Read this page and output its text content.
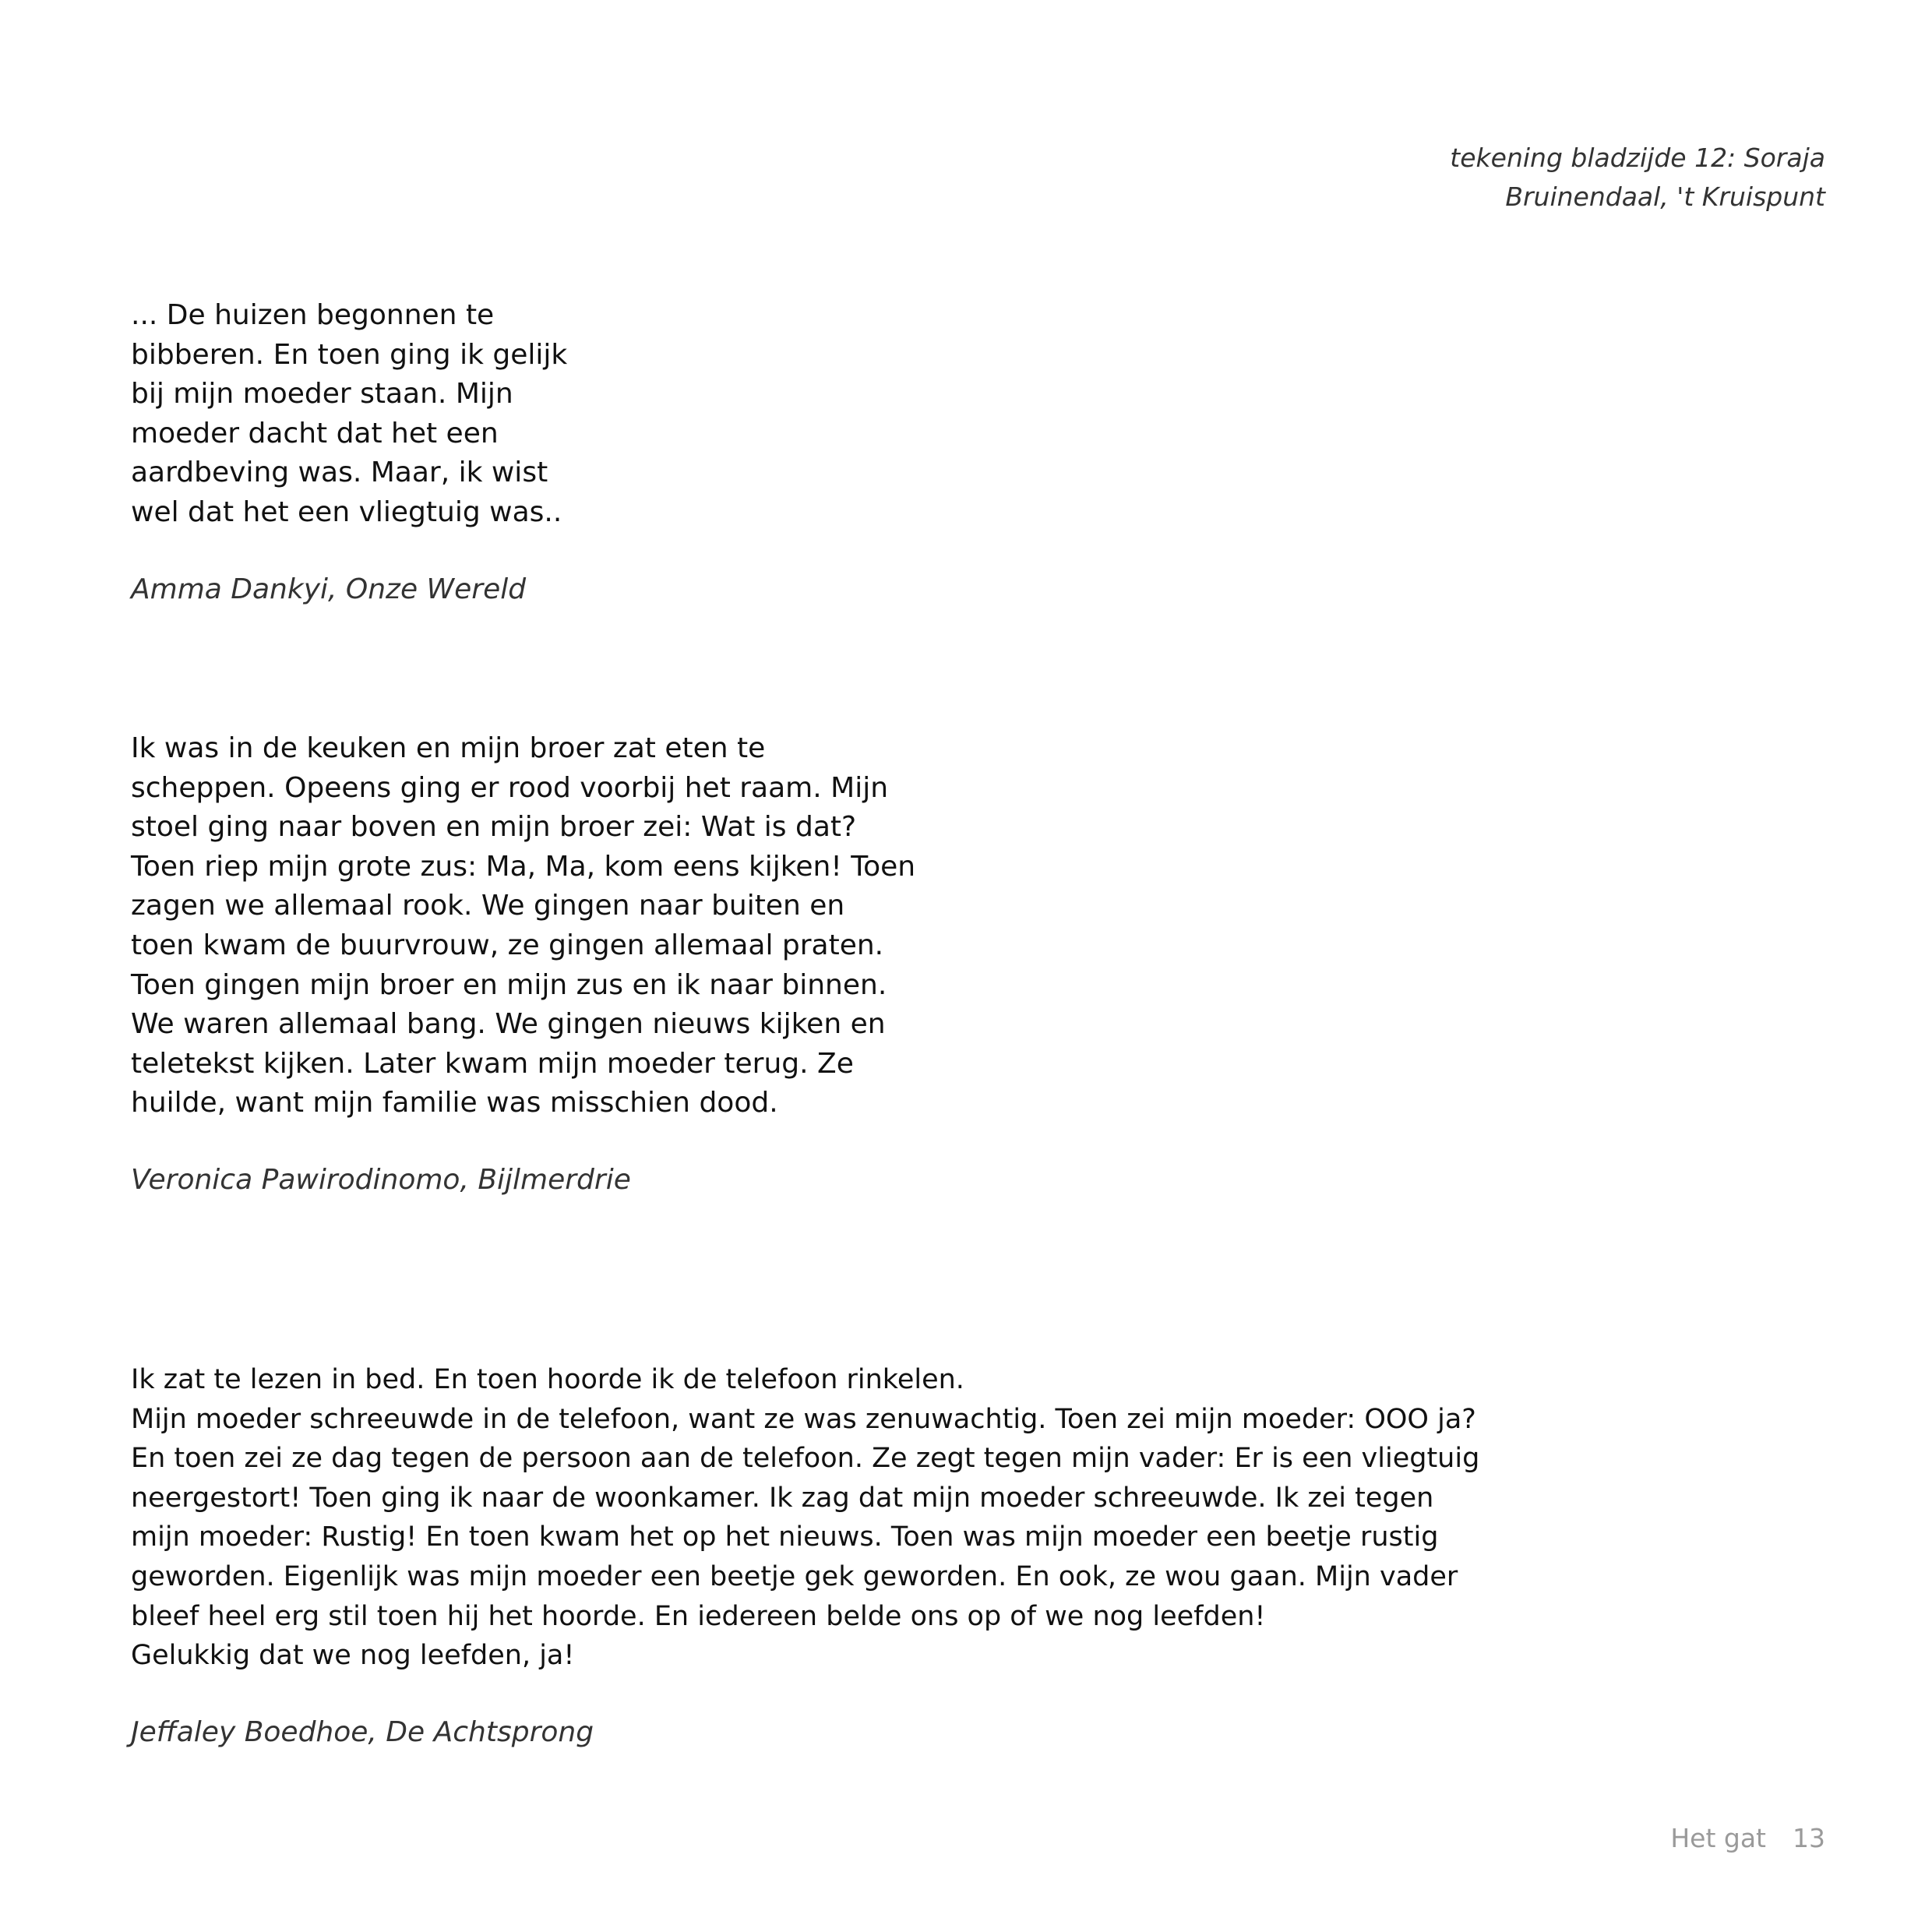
tekening bladzijde 12: Soraja
Bruinendaal, 't Kruispunt
... De huizen begonnen te
bibberen. En toen ging ik gelijk
bij mijn moeder staan. Mijn
moeder dacht dat het een
aardbeving was. Maar, ik wist
wel dat het een vliegtuig was..
Amma Dankyi, Onze Wereld
Ik was in de keuken en mijn broer zat eten te
scheppen. Opeens ging er rood voorbij het raam. Mijn
stoel ging naar boven en mijn broer zei: Wat is dat?
Toen riep mijn grote zus: Ma, Ma, kom eens kijken! Toen
zagen we allemaal rook. We gingen naar buiten en
toen kwam de buurvrouw, ze gingen allemaal praten.
Toen gingen mijn broer en mijn zus en ik naar binnen.
We waren allemaal bang. We gingen nieuws kijken en
teletekst kijken. Later kwam mijn moeder terug. Ze
huilde, want mijn familie was misschien dood.
Veronica Pawirodinomo, Bijlmerdrie
Ik zat te lezen in bed. En toen hoorde ik de telefoon rinkelen.
Mijn moeder schreeuwde in de telefoon, want ze was zenuwachtig. Toen zei mijn moeder: OOO ja?
En toen zei ze dag tegen de persoon aan de telefoon. Ze zegt tegen mijn vader: Er is een vliegtuig
neergestort! Toen ging ik naar de woonkamer. Ik zag dat mijn moeder schreeuwde. Ik zei tegen
mijn moeder: Rustig! En toen kwam het op het nieuws. Toen was mijn moeder een beetje rustig
geworden. Eigenlijk was mijn moeder een beetje gek geworden. En ook, ze wou gaan. Mijn vader
bleef heel erg stil toen hij het hoorde. En iedereen belde ons op of we nog leefden!
Gelukkig dat we nog leefden, ja!
Jeffaley Boedhoe, De Achtsprong
Het gat 13
